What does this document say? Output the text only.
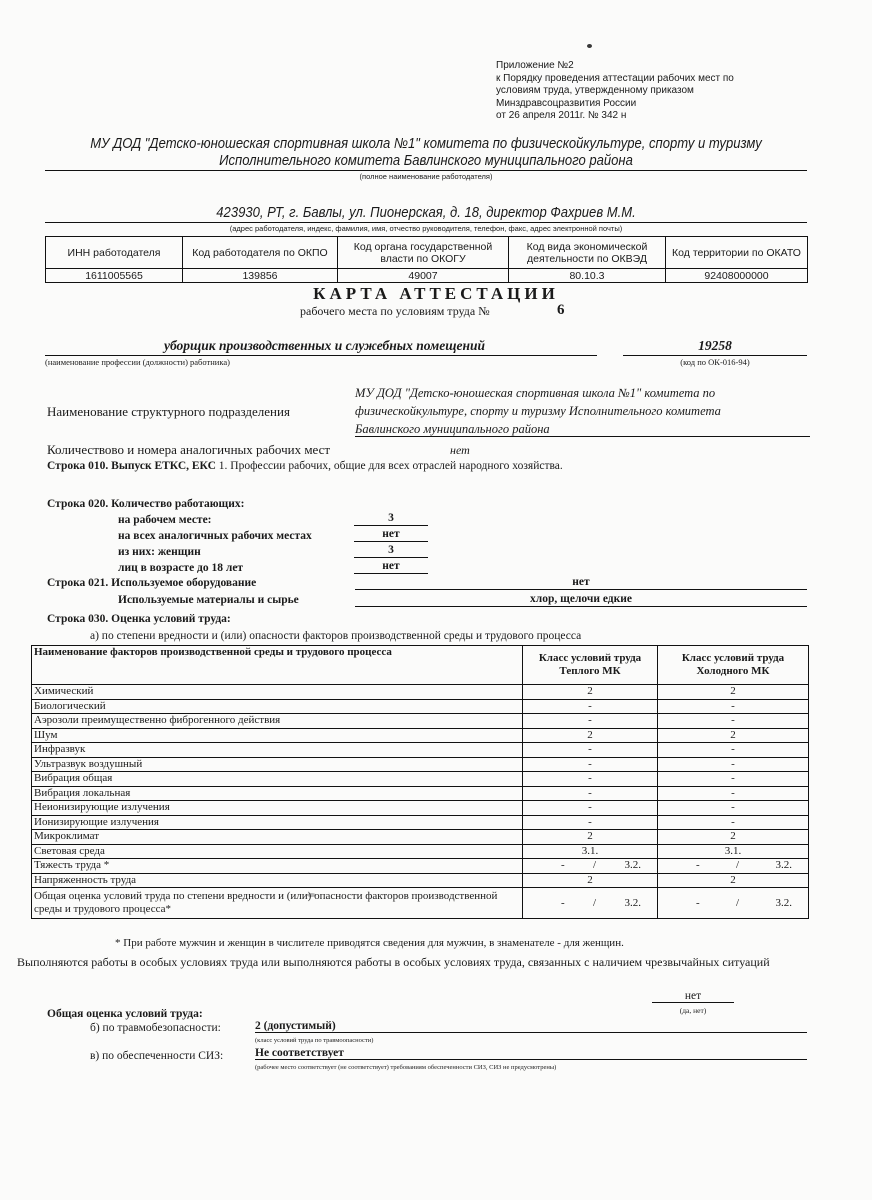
Приложение №2
к Порядку проведения аттестации рабочих мест по
условиям труда, утвержденному приказом
Минздравсоцразвития России
от 26 апреля 2011г. № 342 н
МУ ДОД "Детско-юношеская спортивная школа №1" комитета по физическойкультуре, спорту и туризму
Исполнительного комитета Бавлинского муниципального района
(полное наименование работодателя)
423930, РТ, г. Бавлы, ул. Пионерская, д. 18, директор Фахриев М.М.
(адрес работодателя, индекс, фамилия, имя, отчество руководителя, телефон, факс, адрес электронной почты)
ИНН работодателя	Код работодателя по ОКПО	Код органа государственной власти по ОКОГУ	Код вида экономической деятельности по ОКВЭД	Код территории по ОКАТО
1611005565	139856	49007	80.10.3	92408000000
КАРТА АТТЕСТАЦИИ
рабочего места по условиям труда №	6
уборщик производственных и служебных помещений
(наименование профессии (должности) работника)
19258
(код по ОК-016-94)
Наименование структурного подразделения
МУ ДОД "Детско-юношеская спортивная школа №1" комитета по
физическойкультуре, спорту и туризму Исполнительного комитета
Бавлинского муниципального района
Количествово и номера аналогичных рабочих мест	нет
Строка 010. Выпуск ЕТКС, ЕКС 1. Профессии рабочих, общие для всех отраслей народного хозяйства.
Строка 020. Количество работающих:
на рабочем месте:	3
на всех аналогичных рабочих местах	нет
из них: женщин	3
лиц в возрасте до 18 лет	нет
Строка 021. Используемое оборудование	нет
Используемые материалы и сырье	хлор, щелочи едкие
Строка 030. Оценка условий труда:
а) по степени вредности и (или) опасности факторов производственной среды и трудового процесса
Наименование факторов производственной среды и трудового процесса	Класс условий труда Теплого МК	Класс условий труда Холодного МК
Химический	2	2
Биологический	-	-
Аэрозоли преимущественно фиброгенного действия	-	-
Шум	2	2
Инфразвук	-	-
Ультразвук воздушный	-	-
Вибрация общая	-	-
Вибрация локальная	-	-
Неионизирующие излучения	-	-
Ионизирующие излучения	-	-
Микроклимат	2	2
Световая среда	3.1.	3.1.
Тяжесть труда *	- / 3.2.	- / 3.2.

Напряженность труда	2	2
Общая оценка условий труда по степени вредности и (или) опасности факторов производственной среды и трудового процесса*	- / 3.2.	- / 3.2.
* При работе мужчин и женщин в числителе приводятся сведения для мужчин, в знаменателе - для женщин.
Выполняются работы в особых условиях труда или выполняются работы в особых условиях труда, связанных с наличием чрезвычайных ситуаций
нет
(да, нет)
Общая оценка условий труда:
б) по травмобезопасности:	2 (допустимый)
(класс условий труда по травмоопасности)
в) по обеспеченности СИЗ:	Не соответствует
(рабочее место соответствует (не соответствует) требованиям обеспеченности СИЗ, СИЗ не предусмотрены)
